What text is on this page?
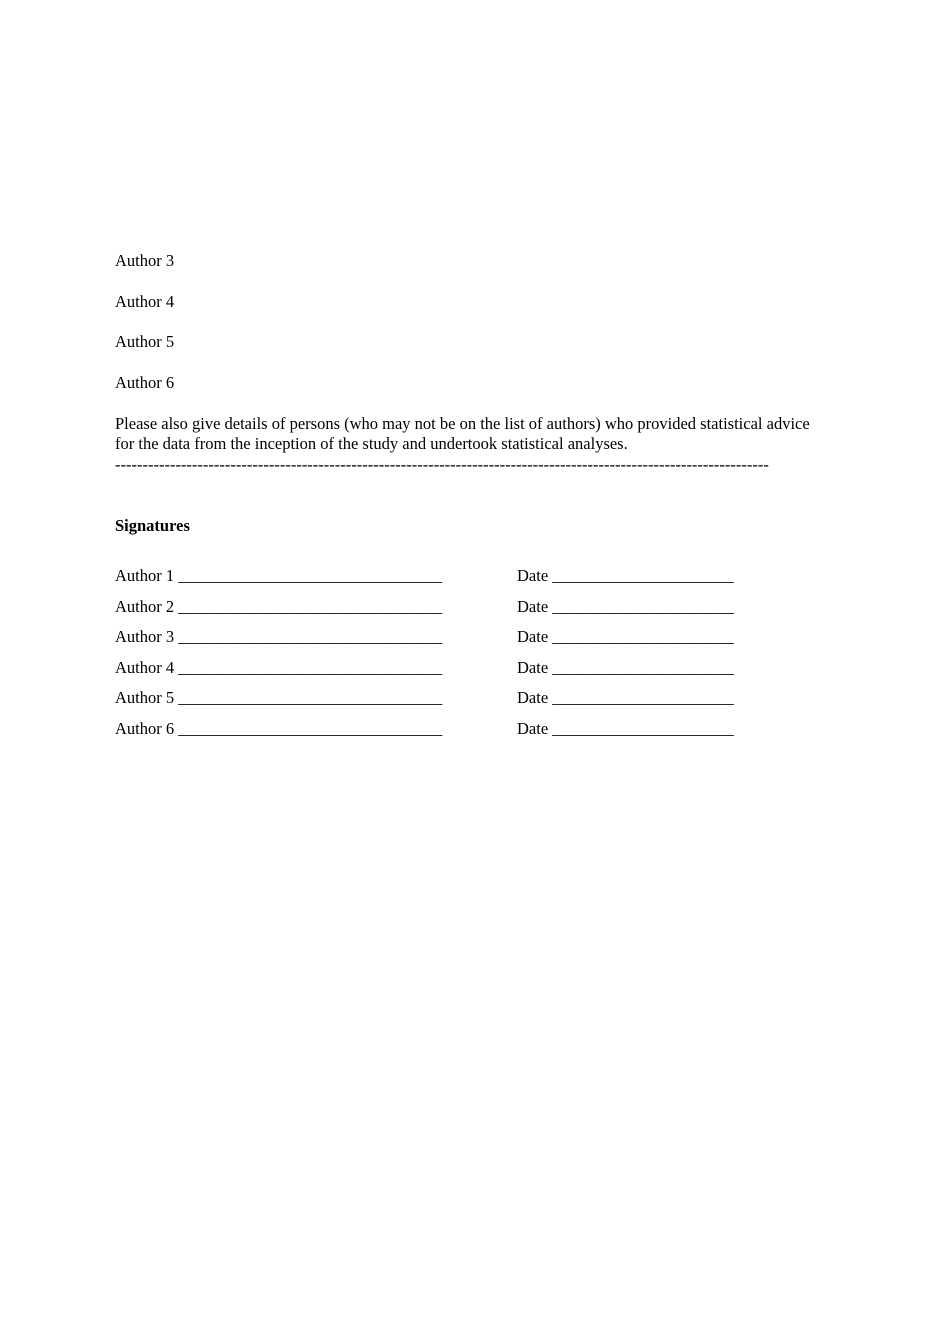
Author 3
Author 4
Author 5
Author 6
Please also give details of persons (who may not be on the list of authors) who provided statistical advice for the data from the inception of the study and undertook statistical analyses.
-----------------------------------------------------------------------------------------------------------------------
Signatures
Author 1 ________________________________	Date ______________________
Author 2 ________________________________	Date ______________________
Author 3 ________________________________	Date ______________________
Author 4 ________________________________	Date ______________________
Author 5 ________________________________	Date ______________________
Author 6 ________________________________	Date ______________________
